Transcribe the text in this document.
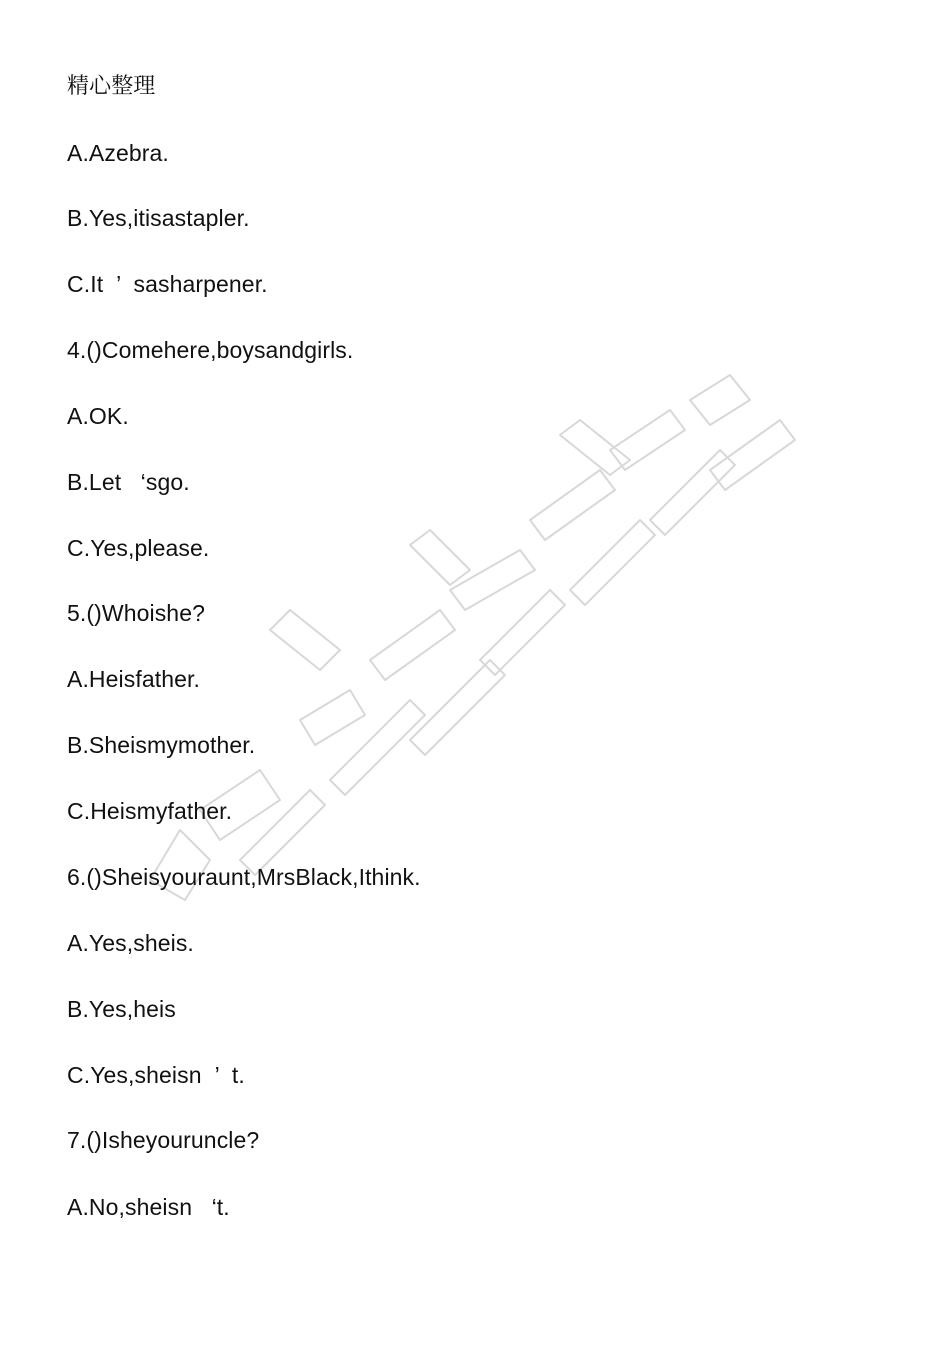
精心整理
A.Azebra.
B.Yes,itisastapler.
C.It  ’  sasharpener.
4.()Comehere,boysandgirls.
A.OK.
B.Let   ‘sgo.
C.Yes,please.
5.()Whoishe?
A.Heisfather.
B.Sheismymother.
C.Heismyfather.
6.()Sheisyouraunt,MrsBlack,Ithink.
A.Yes,sheis.
B.Yes,heis
C.Yes,sheisn  ’  t.
7.()Isheyouruncle?
A.No,sheisn   ‘t.
